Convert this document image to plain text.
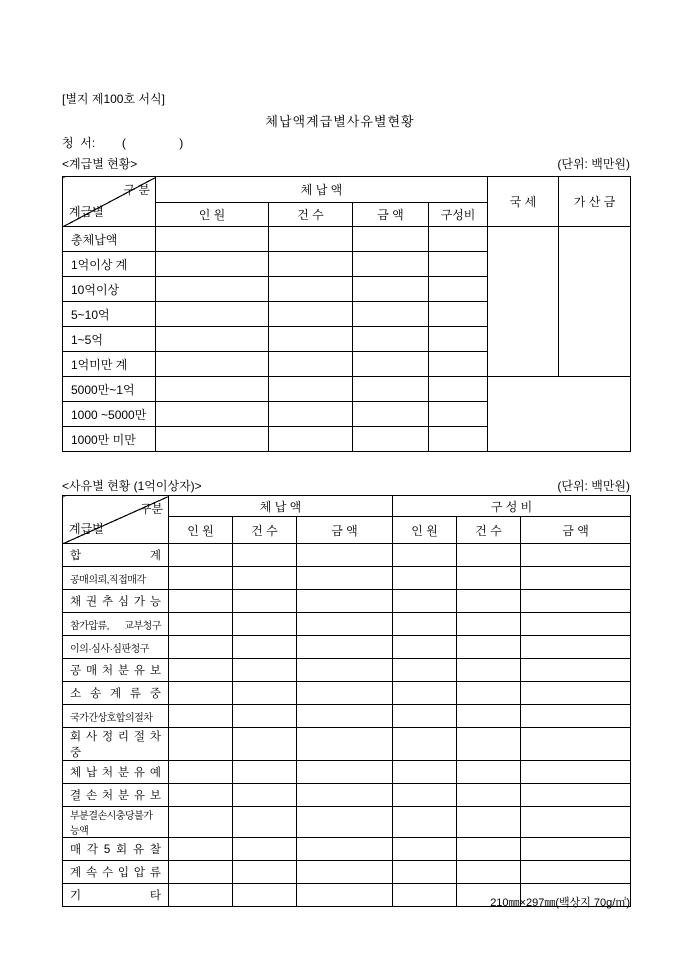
[별지 제100호 서식]
체납액계급별사유별현황
청  서:        (                )
<계급별 현황>	(단위: 백만원)
구 분
계급별	체 납 액				국 세	가 산 금
	인 원	건 수	금 액	구성비		
총체납액						
1억이상 계						
10억이상						
5~10억						
1~5억						
1억미만 계						
5000만~1억						
1000 ~5000만						
1000만 미만						
<사유별 현황 (1억이상자)>	(단위: 백만원)
구분
계급별	체 납 액			구 성 비		
	인 원	건 수	금 액	인 원	건 수	금 액
합 계						
공매의뢰,직접매각						
채 권 추 심 가 능						
참가압류, 교부청구						
이의·심사·심판청구						
공 매 처 분 유 보						
소 송 계 류 중						
국가간상호합의절차						
회 사 정 리 절 차 중						
체 납 처 분 유 예						
결 손 처 분 유 보						
부분결손시충당불가능액						
매 각 5 회 유 찰						
계 속 수 입 압 류						
기 타						
210㎜×297㎜(백상지 70g/㎡)
